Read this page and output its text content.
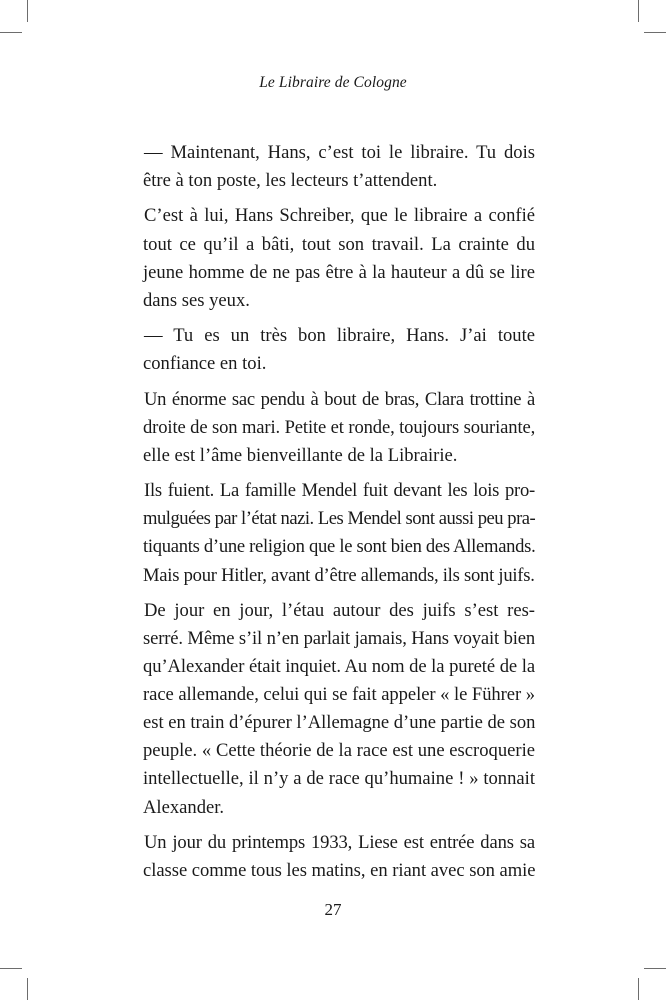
Le Libraire de Cologne

— Maintenant, Hans, c’est toi le libraire. Tu dois
être à ton poste, les lecteurs t’attendent.

C’est à lui, Hans Schreiber, que le libraire a confié
tout ce qu’il a bâti, tout son travail. La crainte du
jeune homme de ne pas être à la hauteur a dû se lire
dans ses yeux.

— Tu es un très bon libraire, Hans. J’ai toute
confiance en toi.

Un énorme sac pendu à bout de bras, Clara trottine à
droite de son mari. Petite et ronde, toujours souriante,
elle est l’âme bienveillante de la Librairie.

Ils fuient. La famille Mendel fuit devant les lois pro-
mulguées par l’état nazi. Les Mendel sont aussi peu pra-
tiquants d’une religion que le sont bien des Allemands.
Mais pour Hitler, avant d’être allemands, ils sont juifs.

De jour en jour, l’étau autour des juifs s’est res-
serré. Même s’il n’en parlait jamais, Hans voyait bien
qu’Alexander était inquiet. Au nom de la pureté de la
race allemande, celui qui se fait appeler « le Führer »
est en train d’épurer l’Allemagne d’une partie de son
peuple. « Cette théorie de la race est une escroquerie
intellectuelle, il n’y a de race qu’humaine ! » tonnait
Alexander.

Un jour du printemps 1933, Liese est entrée dans sa
classe comme tous les matins, en riant avec son amie

27
